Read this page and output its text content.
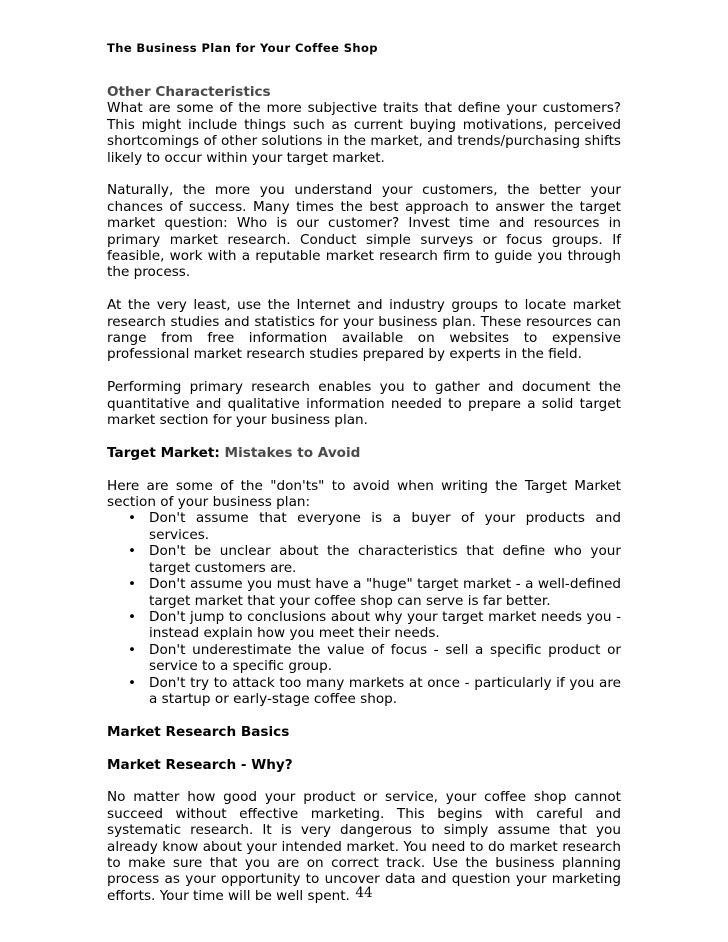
The Business Plan for Your Coffee Shop
Other Characteristics

What are some of the more subjective traits that define your customers? This might include things such as current buying motivations, perceived shortcomings of other solutions in the market, and trends/purchasing shifts likely to occur within your target market.

Naturally, the more you understand your customers, the better your chances of success. Many times the best approach to answer the target market question: Who is our customer? Invest time and resources in primary market research. Conduct simple surveys or focus groups. If feasible, work with a reputable market research firm to guide you through the process.

At the very least, use the Internet and industry groups to locate market research studies and statistics for your business plan. These resources can range from free information available on websites to expensive professional market research studies prepared by experts in the field.

Performing primary research enables you to gather and document the quantitative and qualitative information needed to prepare a solid target market section for your business plan.

Target Market: Mistakes to Avoid

Here are some of the "don'ts" to avoid when writing the Target Market section of your business plan:

• Don't assume that everyone is a buyer of your products and services.
• Don't be unclear about the characteristics that define who your target customers are.
• Don't assume you must have a "huge" target market - a well-defined target market that your coffee shop can serve is far better.
• Don't jump to conclusions about why your target market needs you - instead explain how you meet their needs.
• Don't underestimate the value of focus - sell a specific product or service to a specific group.
• Don't try to attack too many markets at once - particularly if you are a startup or early-stage coffee shop.
Market Research Basics
Market Research - Why?

No matter how good your product or service, your coffee shop cannot succeed without effective marketing. This begins with careful and systematic research. It is very dangerous to simply assume that you already know about your intended market. You need to do market research to make sure that you are on correct track. Use the business planning process as your opportunity to uncover data and question your marketing efforts. Your time will be well spent. 44
